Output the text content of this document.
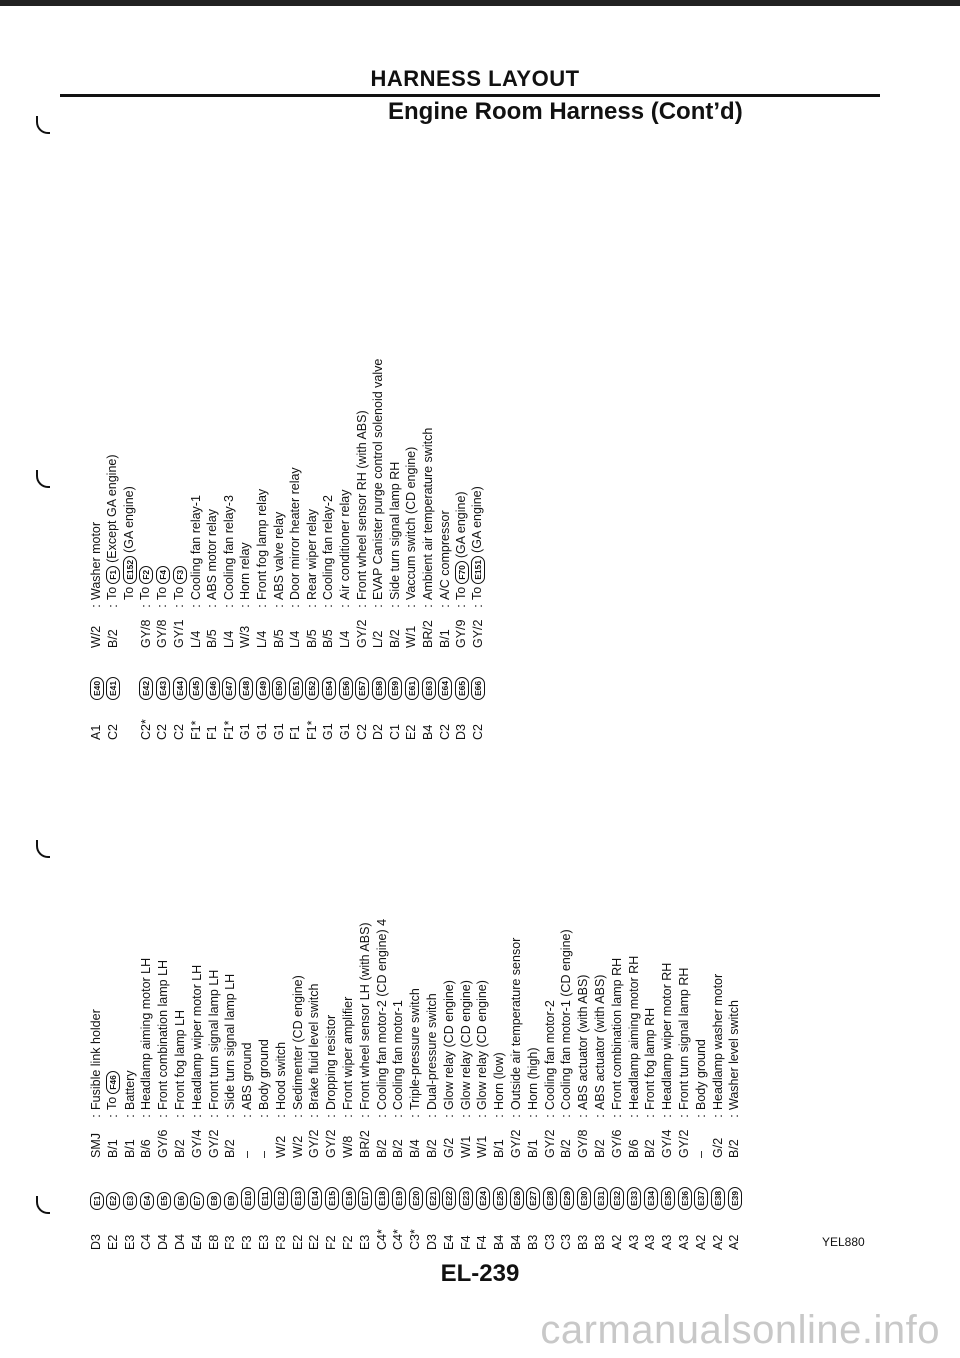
HARNESS LAYOUT
Engine Room Harness (Cont’d)
D3
E1
SMJ
:
Fusible link holder
E2
E2
B/1
:
ToF46
E3
E3
B/1
:
Battery
C4
E4
B/6
:
Headlamp aiming motor LH
D4
E5
GY/6
:
Front combination lamp LH
D4
E6
B/2
:
Front fog lamp LH
E4
E7
GY/4
:
Headlamp wiper motor LH
E8
E8
GY/2
:
Front turn signal lamp LH
F3
E9
B/2
:
Side turn signal lamp LH
F3
E10
–
:
ABS ground
E3
E11
–
:
Body ground
F3
E12
W/2
:
Hood switch
E2
E13
W/2
:
Sedimenter (CD engine)
E2
E14
GY/2
:
Brake fluid level switch
F2
E15
GY/2
:
Dropping resistor
F2
E16
W/8
:
Front wiper amplifier
E3
E17
BR/2
:
Front wheel sensor LH (with ABS)
C4*
E18
B/2
:
Cooling fan motor-2 (CD engine) 4
C4*
E19
B/2
:
Cooling fan motor-1
C3*
E20
B/4
:
Triple-pressure switch
D3
E21
B/2
:
Dual-pressure switch
E4
E22
G/2
:
Glow relay (CD engine)
F4
E23
W/1
:
Glow relay (CD engine)
F4
E24
W/1
:
Glow relay (CD engine)
B4
E25
B/1
:
Horn (low)
B4
E26
GY/2
:
Outside air temperature sensor
B3
E27
B/1
:
Horn (high)
C3
E28
GY/2
:
Cooling fan motor-2
C3
E29
B/2
:
Cooling fan motor-1 (CD engine)
B3
E30
GY/8
:
ABS actuator (with ABS)
B3
E31
B/2
:
ABS actuator (with ABS)
A2
E32
GY/6
:
Front combination lamp RH
A3
E33
B/6
:
Headlamp aiming motor RH
A3
E34
B/2
:
Front fog lamp RH
A3
E35
GY/4
:
Headlamp wiper motor RH
A3
E36
GY/2
:
Front turn signal lamp RH
A2
E37
–
:
Body ground
A2
E38
G/2
:
Headlamp washer motor
A2
E39
B/2
:
Washer level switch
A1
E40
W/2
:
Washer motor
C2
E41
B/2
:
ToF1(Except GA engine)
ToE152(GA engine)
C2*
E42
GY/8
:
ToF2
C2
E43
GY/8
:
ToF4
C2
E44
GY/1
:
ToF3
F1*
E45
L/4
:
Cooling fan relay-1
F1
E46
B/5
:
ABS motor relay
F1*
E47
L/4
:
Cooling fan relay-3
G1
E48
W/3
:
Horn relay
G1
E49
L/4
:
Front fog lamp relay
G1
E50
B/5
:
ABS valve relay
F1
E51
L/4
:
Door mirror heater relay
F1*
E52
B/5
:
Rear wiper relay
G1
E54
B/5
:
Cooling fan relay-2
G1
E56
L/4
:
Air conditioner relay
C2
E57
GY/2
:
Front wheel sensor RH (with ABS)
D2
E58
L/2
:
EVAP Canister purge control solenoid valve
C1
E59
B/2
:
Side turn signal lamp RH
E2
E61
W/1
:
Vaccum switch (CD engine)
B4
E63
BR/2
:
Ambient air temperature switch
C2
E64
B/1
:
A/C compressor
D3
E65
GY/9
:
ToF70(GA engine)
C2
E66
GY/2
:
ToE151(GA engine)
EL-239
YEL880
carmanualsonline.info
